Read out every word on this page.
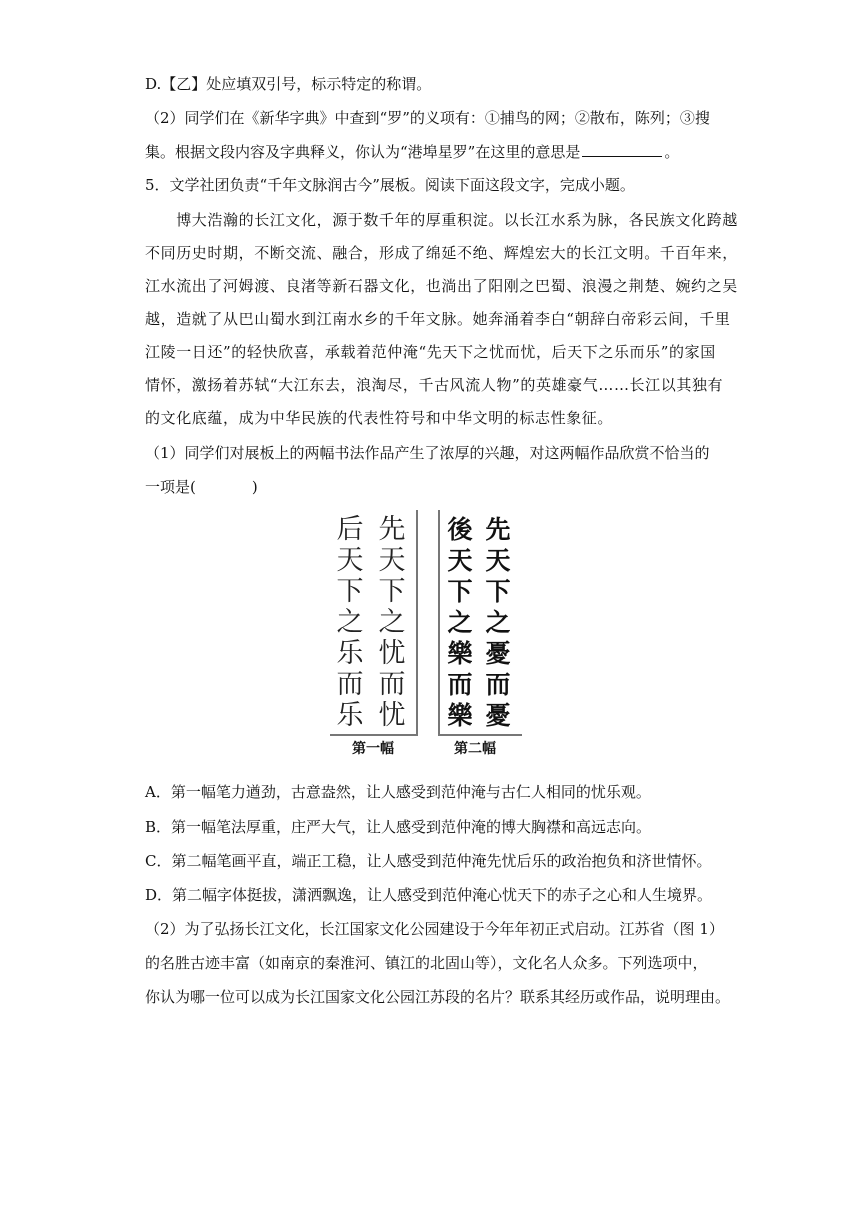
D.【乙】处应填双引号，标示特定的称谓。
（2）同学们在《新华字典》中查到“罗”的义项有：①捕鸟的网；②散布，陈列；③搜
集。根据文段内容及字典释义，你认为“港埠星罗”在这里的意思是	。
5．文学社团负责“千年文脉润古今”展板。阅读下面这段文字，完成小题。
　　博大浩瀚的长江文化，源于数千年的厚重积淀。以长江水系为脉，各民族文化跨越
不同历史时期，不断交流、融合，形成了绵延不绝、辉煌宏大的长江文明。千百年来，
江水流出了河姆渡、良渚等新石器文化，也淌出了阳刚之巴蜀、浪漫之荆楚、婉约之吴
越，造就了从巴山蜀水到江南水乡的千年文脉。她奔涌着李白“朝辞白帝彩云间，千里
江陵一日还”的轻快欣喜，承载着范仲淹“先天下之忧而忧，后天下之乐而乐”的家国
情怀，激扬着苏轼“大江东去，浪淘尽，千古风流人物”的英雄豪气……长江以其独有
的文化底蕴，成为中华民族的代表性符号和中华文明的标志性象征。
（1）同学们对展板上的两幅书法作品产生了浓厚的兴趣，对这两幅作品欣赏不恰当的
一项是(	)
后
天
下
之
乐
而
乐
先
天
下
之
忧
而
忧
第一幅
後
天
下
之
樂
而
樂
先
天
下
之
憂
而
憂
第二幅
A．第一幅笔力遒劲，古意盎然，让人感受到范仲淹与古仁人相同的忧乐观。
B．第一幅笔法厚重，庄严大气，让人感受到范仲淹的博大胸襟和高远志向。
C．第二幅笔画平直，端正工稳，让人感受到范仲淹先忧后乐的政治抱负和济世情怀。
D．第二幅字体挺拔，潇洒飘逸，让人感受到范仲淹心忧天下的赤子之心和人生境界。
（2）为了弘扬长江文化，长江国家文化公园建设于今年年初正式启动。江苏省（图 1）
的名胜古迹丰富（如南京的秦淮河、镇江的北固山等），文化名人众多。下列选项中，
你认为哪一位可以成为长江国家文化公园江苏段的名片？联系其经历或作品，说明理由。
